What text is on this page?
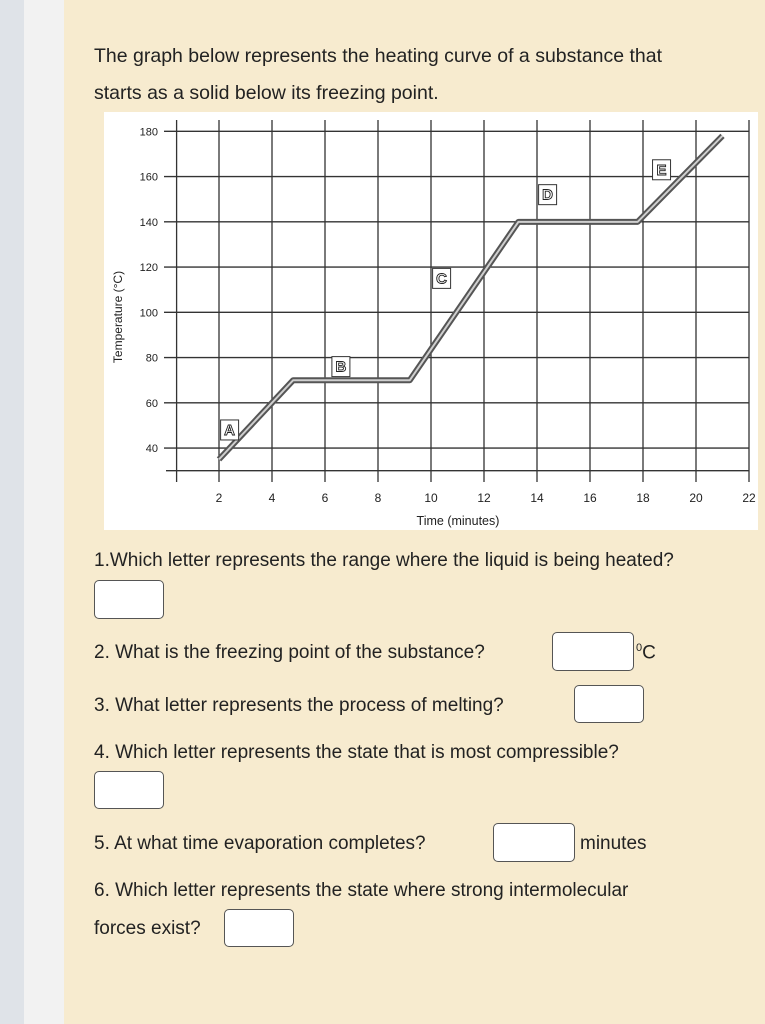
The graph below represents the heating curve of a substance that
starts as a solid below its freezing point.
180
160
140
120
100
80
60
40
2	4	6	8	10	12	14	16	18	20	22
A
B
C
D
E
Temperature (°C)
Time (minutes)
1.Which letter represents the range where the liquid is being heated?
2. What is the freezing point of the substance?	$^0$C
3. What letter represents the process of melting?
4. Which letter represents the state that is most compressible?
5. At what time evaporation completes?	minutes
6. Which letter represents the state where strong intermolecular
forces exist?
